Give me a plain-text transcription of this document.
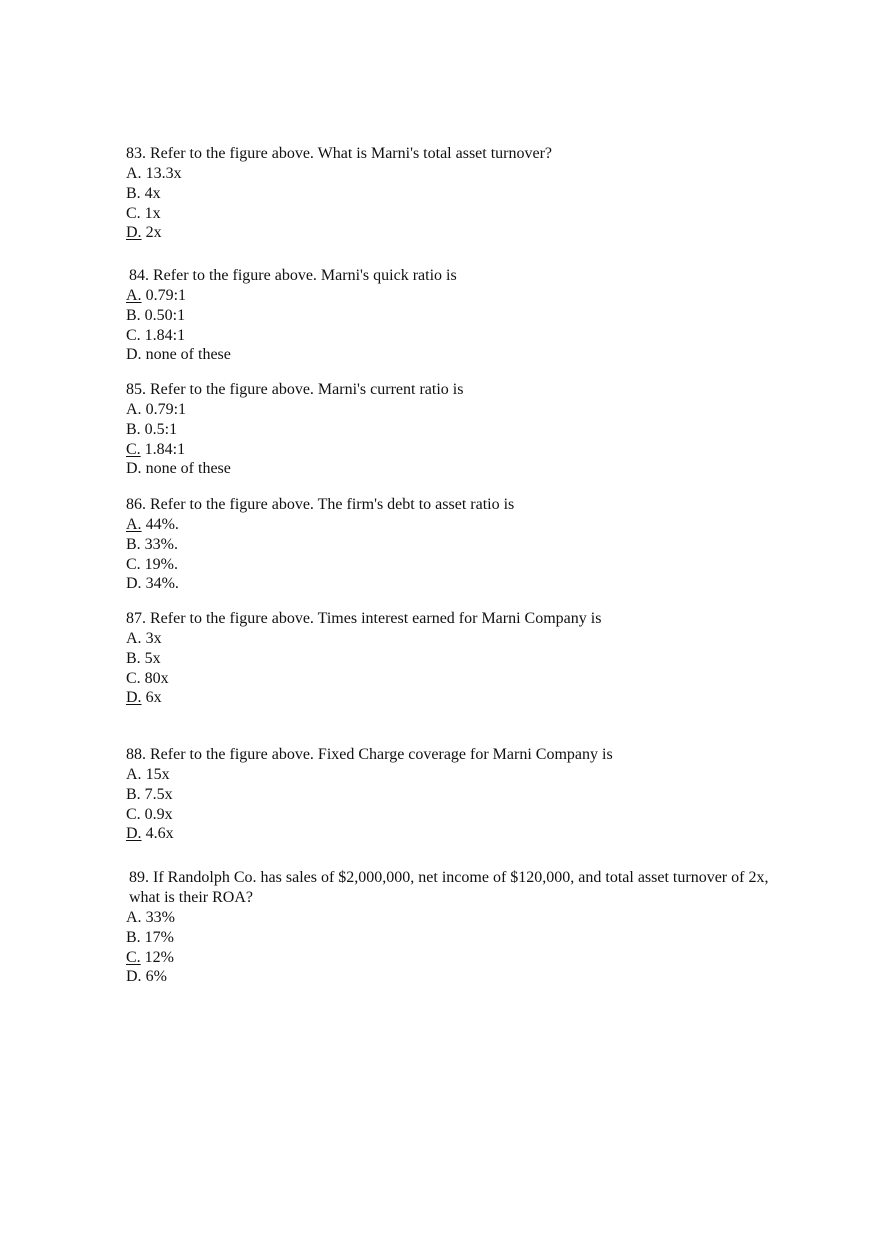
83. Refer to the figure above. What is Marni's total asset turnover?

A. 13.3x

B. 4x

C. 1x

D. 2x

84. Refer to the figure above. Marni's quick ratio is

A. 0.79:1

B. 0.50:1

C. 1.84:1

D. none of these

85. Refer to the figure above. Marni's current ratio is

A. 0.79:1

B. 0.5:1

C. 1.84:1

D. none of these

86. Refer to the figure above. The firm's debt to asset ratio is

A. 44%.

B. 33%.

C. 19%.

D. 34%.

87. Refer to the figure above. Times interest earned for Marni Company is

A. 3x

B. 5x

C. 80x

D. 6x

88. Refer to the figure above. Fixed Charge coverage for Marni Company is

A. 15x

B. 7.5x

C. 0.9x

D. 4.6x

89. If Randolph Co. has sales of $2,000,000, net income of $120,000, and total asset turnover of 2x, what is their ROA?

A. 33%

B. 17%

C. 12%

D. 6%
